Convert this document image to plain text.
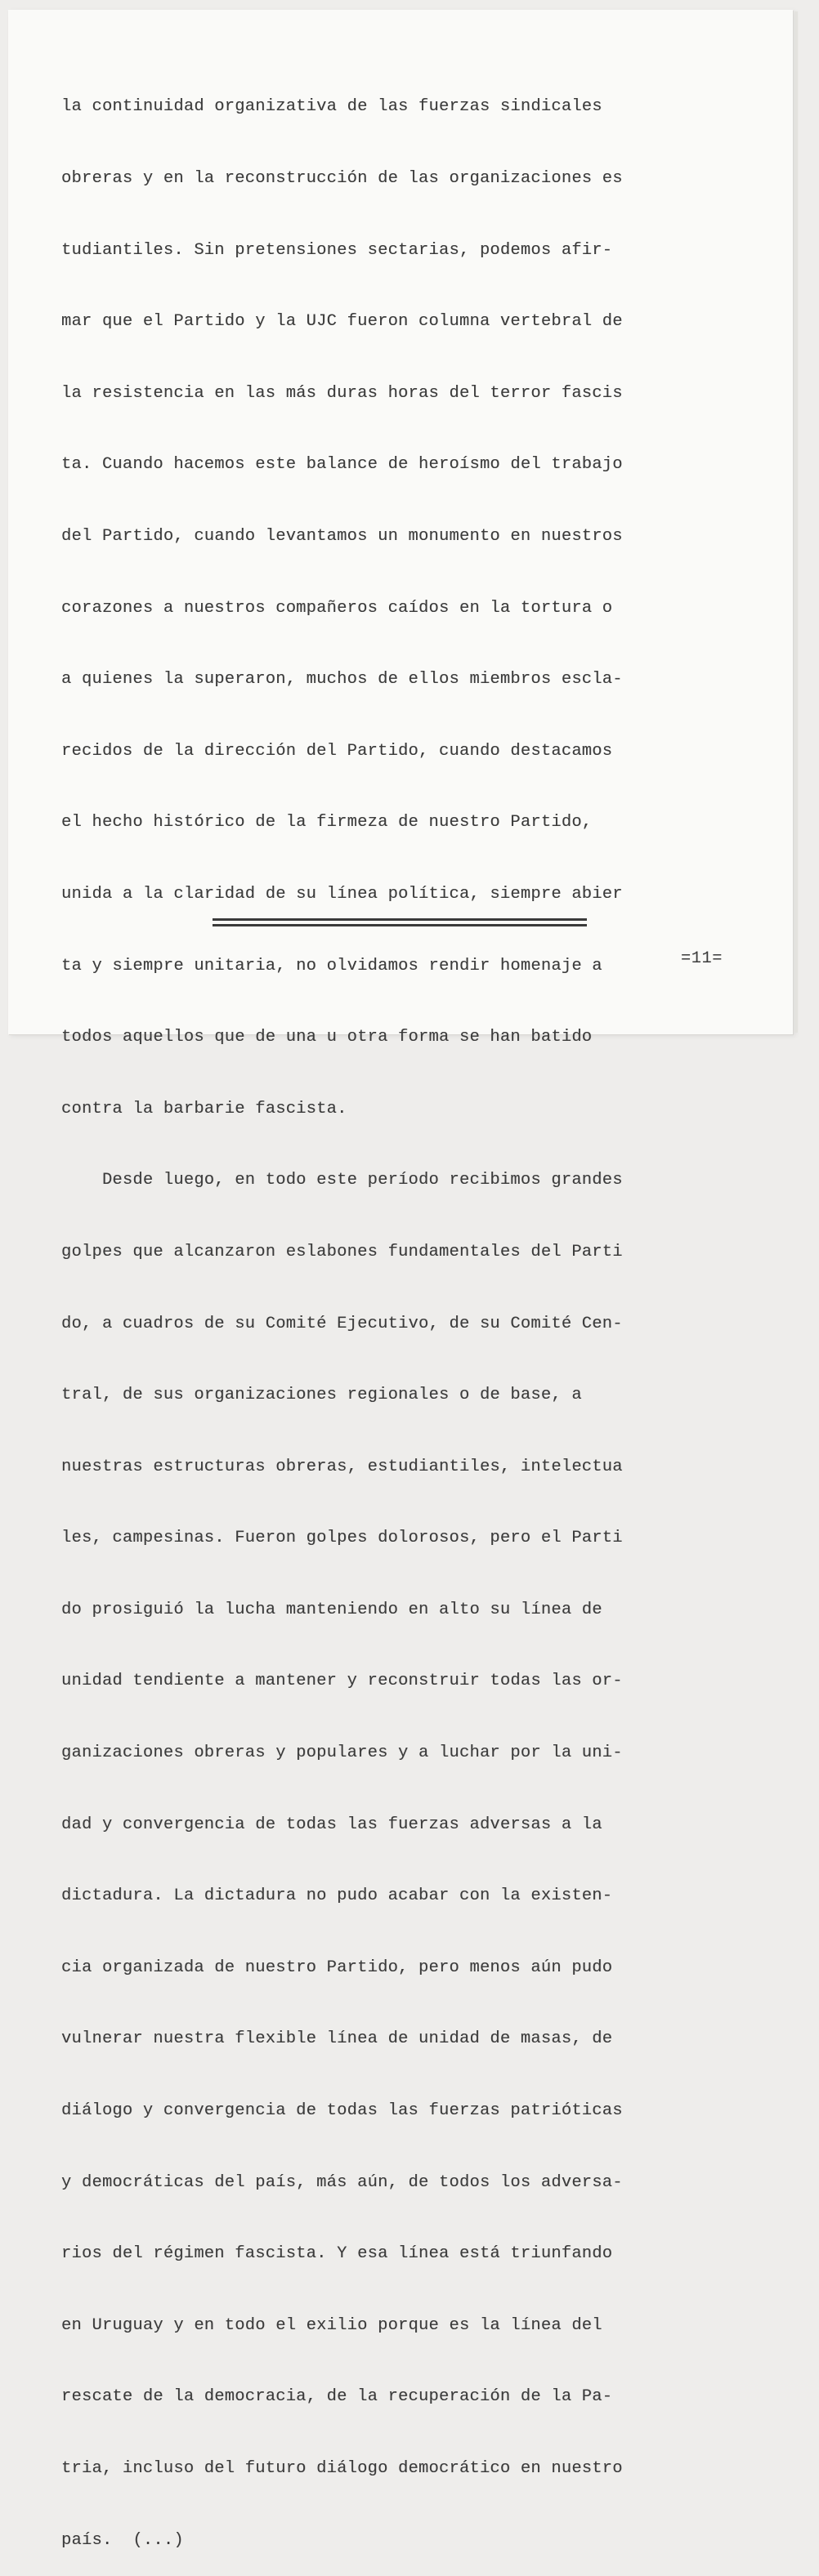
la continuidad organizativa de las fuerzas sindicales

obreras y en la reconstrucción de las organizaciones es

tudiantiles. Sin pretensiones sectarias, podemos afir-

mar que el Partido y la UJC fueron columna vertebral de

la resistencia en las más duras horas del terror fascis

ta. Cuando hacemos este balance de heroísmo del trabajo

del Partido, cuando levantamos un monumento en nuestros

corazones a nuestros compañeros caídos en la tortura o

a quienes la superaron, muchos de ellos miembros escla-

recidos de la dirección del Partido, cuando destacamos

el hecho histórico de la firmeza de nuestro Partido,

unida a la claridad de su línea política, siempre abier

ta y siempre unitaria, no olvidamos rendir homenaje a

todos aquellos que de una u otra forma se han batido

contra la barbarie fascista.

Desde luego, en todo este período recibimos grandes

golpes que alcanzaron eslabones fundamentales del Parti

do, a cuadros de su Comité Ejecutivo, de su Comité Cen-

tral, de sus organizaciones regionales o de base, a

nuestras estructuras obreras, estudiantiles, intelectua

les, campesinas. Fueron golpes dolorosos, pero el Parti

do prosiguió la lucha manteniendo en alto su línea de

unidad tendiente a mantener y reconstruir todas las or-

ganizaciones obreras y populares y a luchar por la uni-

dad y convergencia de todas las fuerzas adversas a la

dictadura. La dictadura no pudo acabar con la existen-

cia organizada de nuestro Partido, pero menos aún pudo

vulnerar nuestra flexible línea de unidad de masas, de

diálogo y convergencia de todas las fuerzas patrióticas

y democráticas del país, más aún, de todos los adversa-

rios del régimen fascista. Y esa línea está triunfando

en Uruguay y en todo el exilio porque es la línea del

rescate de la democracia, de la recuperación de la Pa-

tria, incluso del futuro diálogo democrático en nuestro

país.  (...)

=11=
